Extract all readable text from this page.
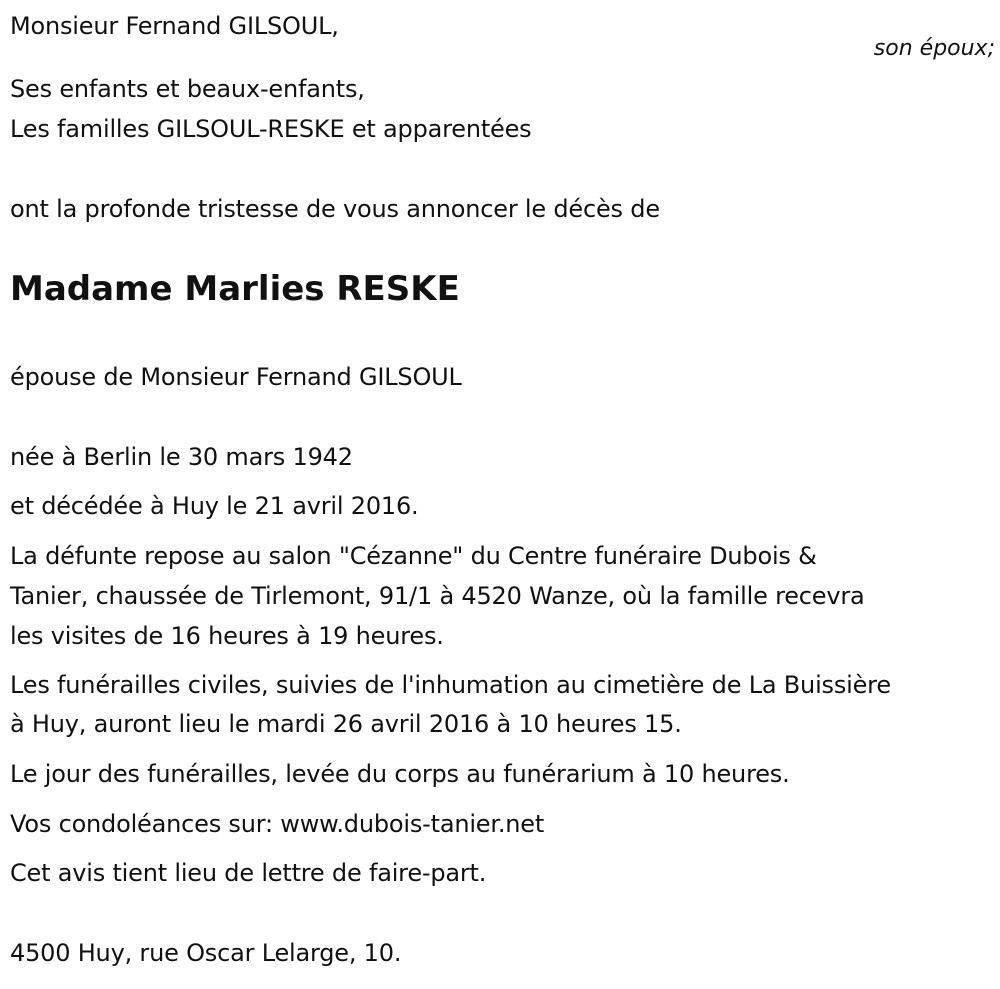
Monsieur Fernand GILSOUL,
son époux;
Ses enfants et beaux-enfants,
Les familles GILSOUL-RESKE et apparentées
ont la profonde tristesse de vous annoncer le décès de
Madame Marlies RESKE
épouse de Monsieur Fernand GILSOUL
née à Berlin le 30 mars 1942
et décédée à Huy le 21 avril 2016.
La défunte repose au salon "Cézanne" du Centre funéraire Dubois &
Tanier, chaussée de Tirlemont, 91/1 à 4520 Wanze, où la famille recevra
les visites de 16 heures à 19 heures.
Les funérailles civiles, suivies de l'inhumation au cimetière de La Buissière
à Huy, auront lieu le mardi 26 avril 2016 à 10 heures 15.
Le jour des funérailles, levée du corps au funérarium à 10 heures.
Vos condoléances sur: www.dubois-tanier.net
Cet avis tient lieu de lettre de faire-part.
4500 Huy, rue Oscar Lelarge, 10.
